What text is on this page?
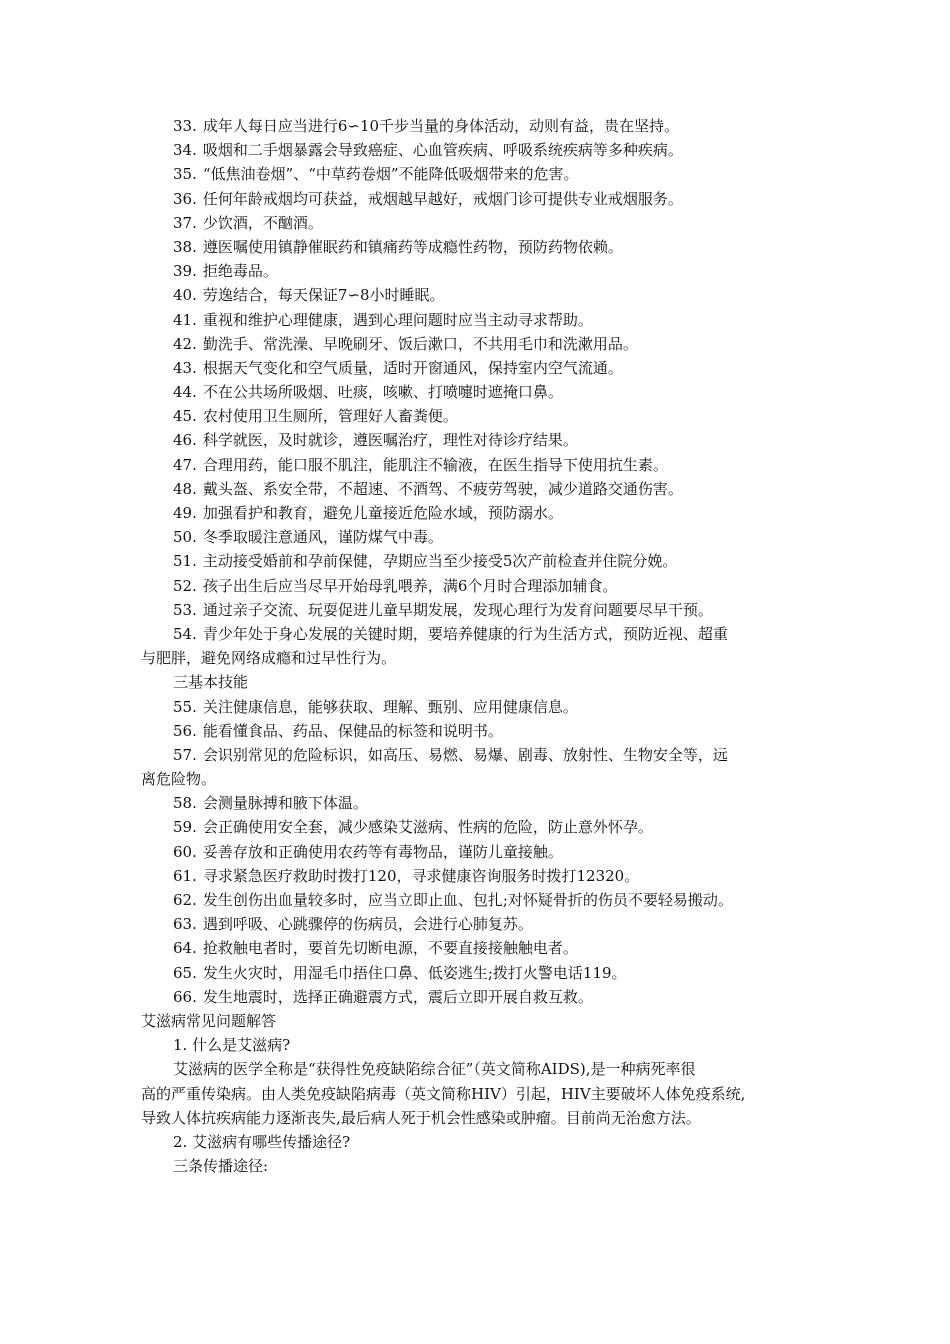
33. 成年人每日应当进行6∽10千步当量的身体活动，动则有益，贵在坚持。
34. 吸烟和二手烟暴露会导致癌症、心血管疾病、呼吸系统疾病等多种疾病。
35. “低焦油卷烟”、“中草药卷烟”不能降低吸烟带来的危害。
36. 任何年龄戒烟均可获益，戒烟越早越好，戒烟门诊可提供专业戒烟服务。
37. 少饮酒，不酗酒。
38. 遵医嘱使用镇静催眠药和镇痛药等成瘾性药物，预防药物依赖。
39. 拒绝毒品。
40. 劳逸结合，每天保证7∽8小时睡眠。
41. 重视和维护心理健康，遇到心理问题时应当主动寻求帮助。
42. 勤洗手、常洗澡、早晚刷牙、饭后漱口，不共用毛巾和洗漱用品。
43. 根据天气变化和空气质量，适时开窗通风，保持室内空气流通。
44. 不在公共场所吸烟、吐痰，咳嗽、打喷嚏时遮掩口鼻。
45. 农村使用卫生厕所，管理好人畜粪便。
46. 科学就医，及时就诊，遵医嘱治疗，理性对待诊疗结果。
47. 合理用药，能口服不肌注，能肌注不输液，在医生指导下使用抗生素。
48. 戴头盔、系安全带，不超速、不酒驾、不疲劳驾驶，减少道路交通伤害。
49. 加强看护和教育，避免儿童接近危险水域，预防溺水。
50. 冬季取暖注意通风，谨防煤气中毒。
51. 主动接受婚前和孕前保健，孕期应当至少接受5次产前检查并住院分娩。
52. 孩子出生后应当尽早开始母乳喂养，满6个月时合理添加辅食。
53. 通过亲子交流、玩耍促进儿童早期发展，发现心理行为发育问题要尽早干预。
54. 青少年处于身心发展的关键时期，要培养健康的行为生活方式，预防近视、超重
与肥胖，避免网络成瘾和过早性行为。
三基本技能
55. 关注健康信息，能够获取、理解、甄别、应用健康信息。
56. 能看懂食品、药品、保健品的标签和说明书。
57. 会识别常见的危险标识，如高压、易燃、易爆、剧毒、放射性、生物安全等，远
离危险物。
58. 会测量脉搏和腋下体温。
59. 会正确使用安全套，减少感染艾滋病、性病的危险，防止意外怀孕。
60. 妥善存放和正确使用农药等有毒物品，谨防儿童接触。
61. 寻求紧急医疗救助时拨打120，寻求健康咨询服务时拨打12320。
62. 发生创伤出血量较多时，应当立即止血、包扎;对怀疑骨折的伤员不要轻易搬动。
63. 遇到呼吸、心跳骤停的伤病员，会进行心肺复苏。
64. 抢救触电者时，要首先切断电源，不要直接接触触电者。
65. 发生火灾时，用湿毛巾捂住口鼻、低姿逃生;拨打火警电话119。
66. 发生地震时，选择正确避震方式，震后立即开展自救互救。
艾滋病常见问题解答
1. 什么是艾滋病?
艾滋病的医学全称是“获得性免疫缺陷综合征”（英文简称AIDS),是一种病死率很
高的严重传染病。由人类免疫缺陷病毒（英文简称HIV）引起，HIV主要破坏人体免疫系统,
导致人体抗疾病能力逐渐丧失,最后病人死于机会性感染或肿瘤。目前尚无治愈方法。
2. 艾滋病有哪些传播途径?
三条传播途径:
